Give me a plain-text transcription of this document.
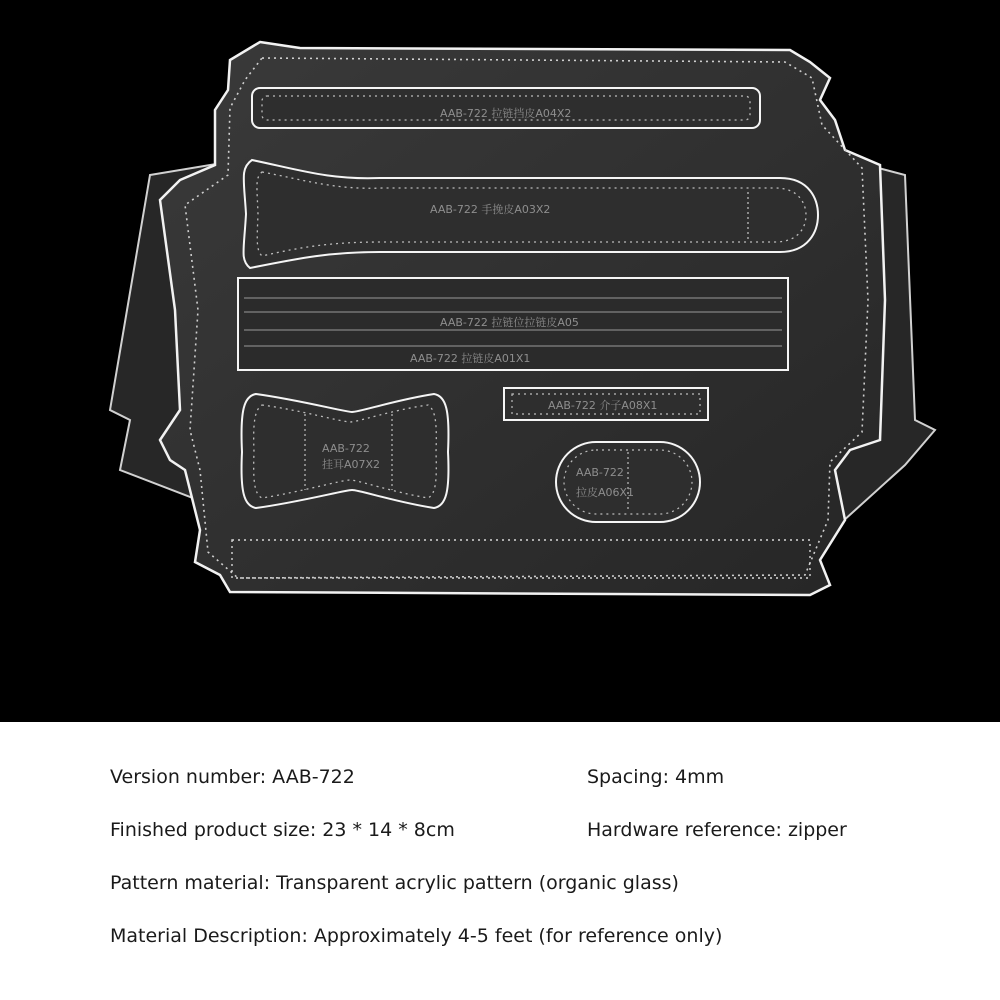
AAB-722 拉链挡皮A04X2
AAB-722 手挽皮A03X2
AAB-722 拉链位拉链皮A05
AAB-722 拉链皮A01X1
AAB-722
挂耳A07X2
AAB-722 介子A08X1
AAB-722
拉皮A06X1
Version number: AAB-722	Spacing: 4mm
Finished product size: 23 * 14 * 8cm	Hardware reference: zipper
Pattern material: Transparent acrylic pattern (organic glass)
Material Description: Approximately 4-5 feet (for reference only)
